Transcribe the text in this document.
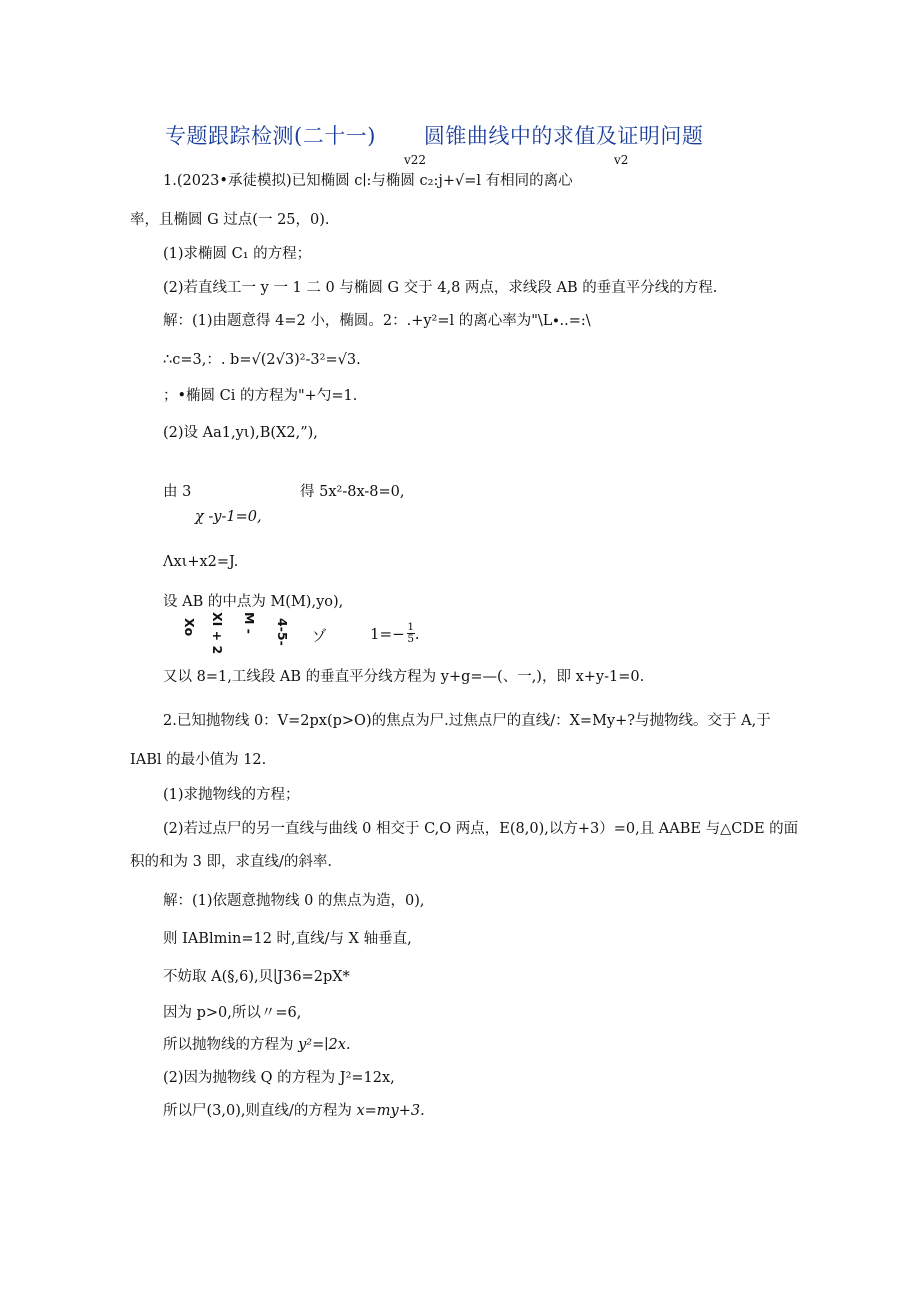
专题跟踪检测(二十一) 圆锥曲线中的求值及证明问题
v22	v2
1.(2023•承徒模拟)已知椭圆 c∣:与椭圆 c₂:j+√=l 有相同的离心
率，且椭圆 G 过点(一 25，0).
(1)求椭圆 C₁ 的方程；
(2)若直线工一 y 一 1 二 0 与椭圆 G 交于 4,8 两点，求线段 AB 的垂直平分线的方程.
解：(1)由题意得 4=2 小，椭圆。2：.+y²=l 的离心率为"\L∙..=:\
∴c=3,：. b=√(2√3)²-3²=√3.
；•椭圆 Ci 的方程为"+勺=1.
(2)设 Aa1,yι),B(X2,”),
由 3	得 5x²-8x-8=0,
χ -y-1=0,
Λxι+x2=J.
设 AB 的中点为 M(M),yo),
Xo XI + 2 M - 4-5- ゾ	1=− 1
5 .
又以 8=1,工线段 AB 的垂直平分线方程为 y+g=—(、一,)，即 x+y-1=0.
2.已知抛物线 0：V=2px(p>O)的焦点为尸.过焦点尸的直线/：X=My+?与抛物线。交于 A,于
IABl 的最小值为 12.
(1)求抛物线的方程；
(2)若过点尸的另一直线与曲线 0 相交于 C,O 两点，E(8,0),以方+3）=0,且 AABE 与△CDE 的面
积的和为 3 即，求直线/的斜率.
解：(1)依题意抛物线 0 的焦点为造，0),
则 IABlmin=12 时,直线/与 X 轴垂直,
不妨取 A(§,6),贝∣J36=2pX*
因为 p>0,所以〃=6,
所以抛物线的方程为 y²=∣2x.
(2)因为抛物线 Q 的方程为 J²=12x,
所以尸(3,0),则直线/的方程为 x=my+3.
